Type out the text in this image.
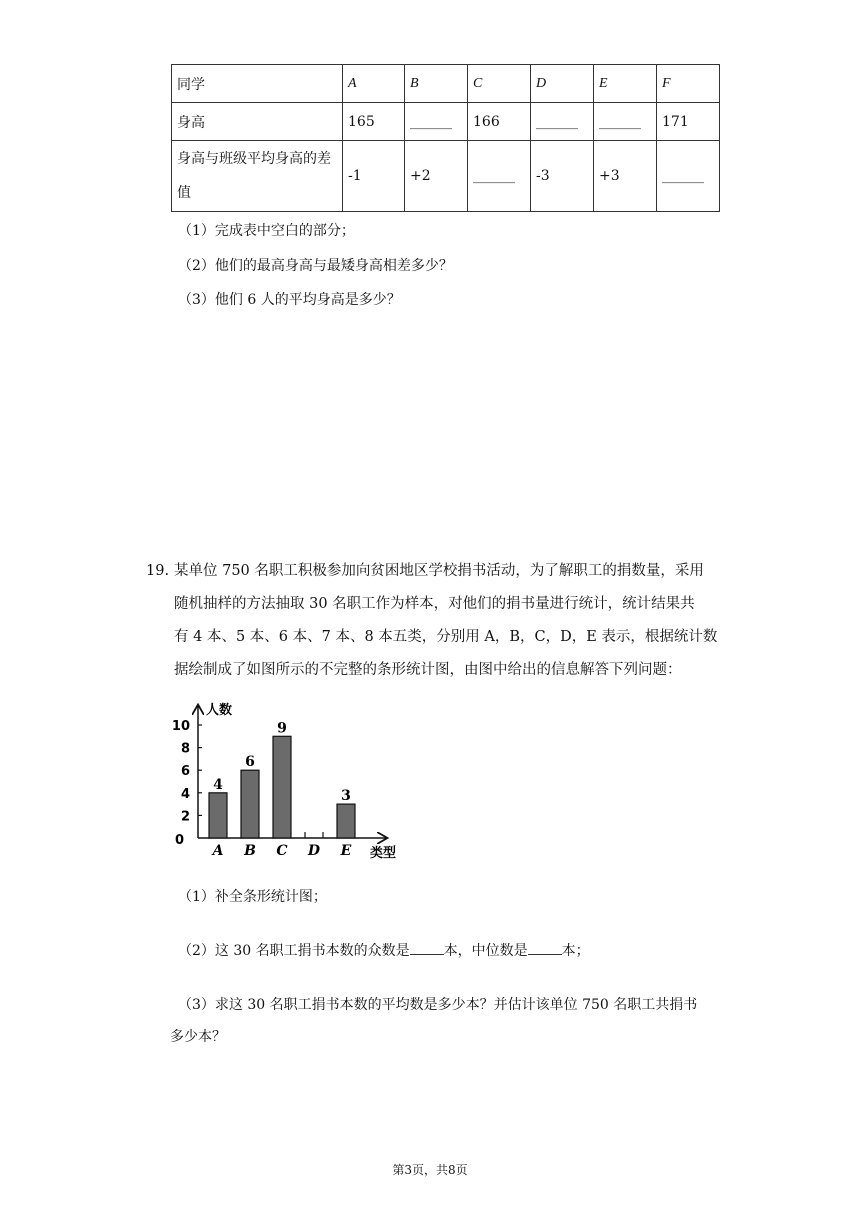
同学	A	B	C	D	E	F
身高	165	______	166	______	______	171

身高与班级平均身高的差
值	-1	+2	______	-3	+3	______
（1）完成表中空白的部分；
（2）他们的最高身高与最矮身高相差多少？
（3）他们 6 人的平均身高是多少？
19. 某单位 750 名职工积极参加向贫困地区学校捐书活动，为了解职工的捐数量，采用
随机抽样的方法抽取 30 名职工作为样本，对他们的捐书量进行统计，统计结果共
有 4 本、5 本、6 本、7 本、8 本五类，分别用 A，B，C，D，E 表示，根据统计数
据绘制成了如图所示的不完整的条形统计图，由图中给出的信息解答下列问题：
0
2
4
6
8
10
4
6
9
3
A B C D E
人数
类型
（1）补全条形统计图；
（2）这 30 名职工捐书本数的众数是 本，中位数是 本；
（3）求这 30 名职工捐书本数的平均数是多少本？并估计该单位 750 名职工共捐书
多少本？
第3页，共8页
